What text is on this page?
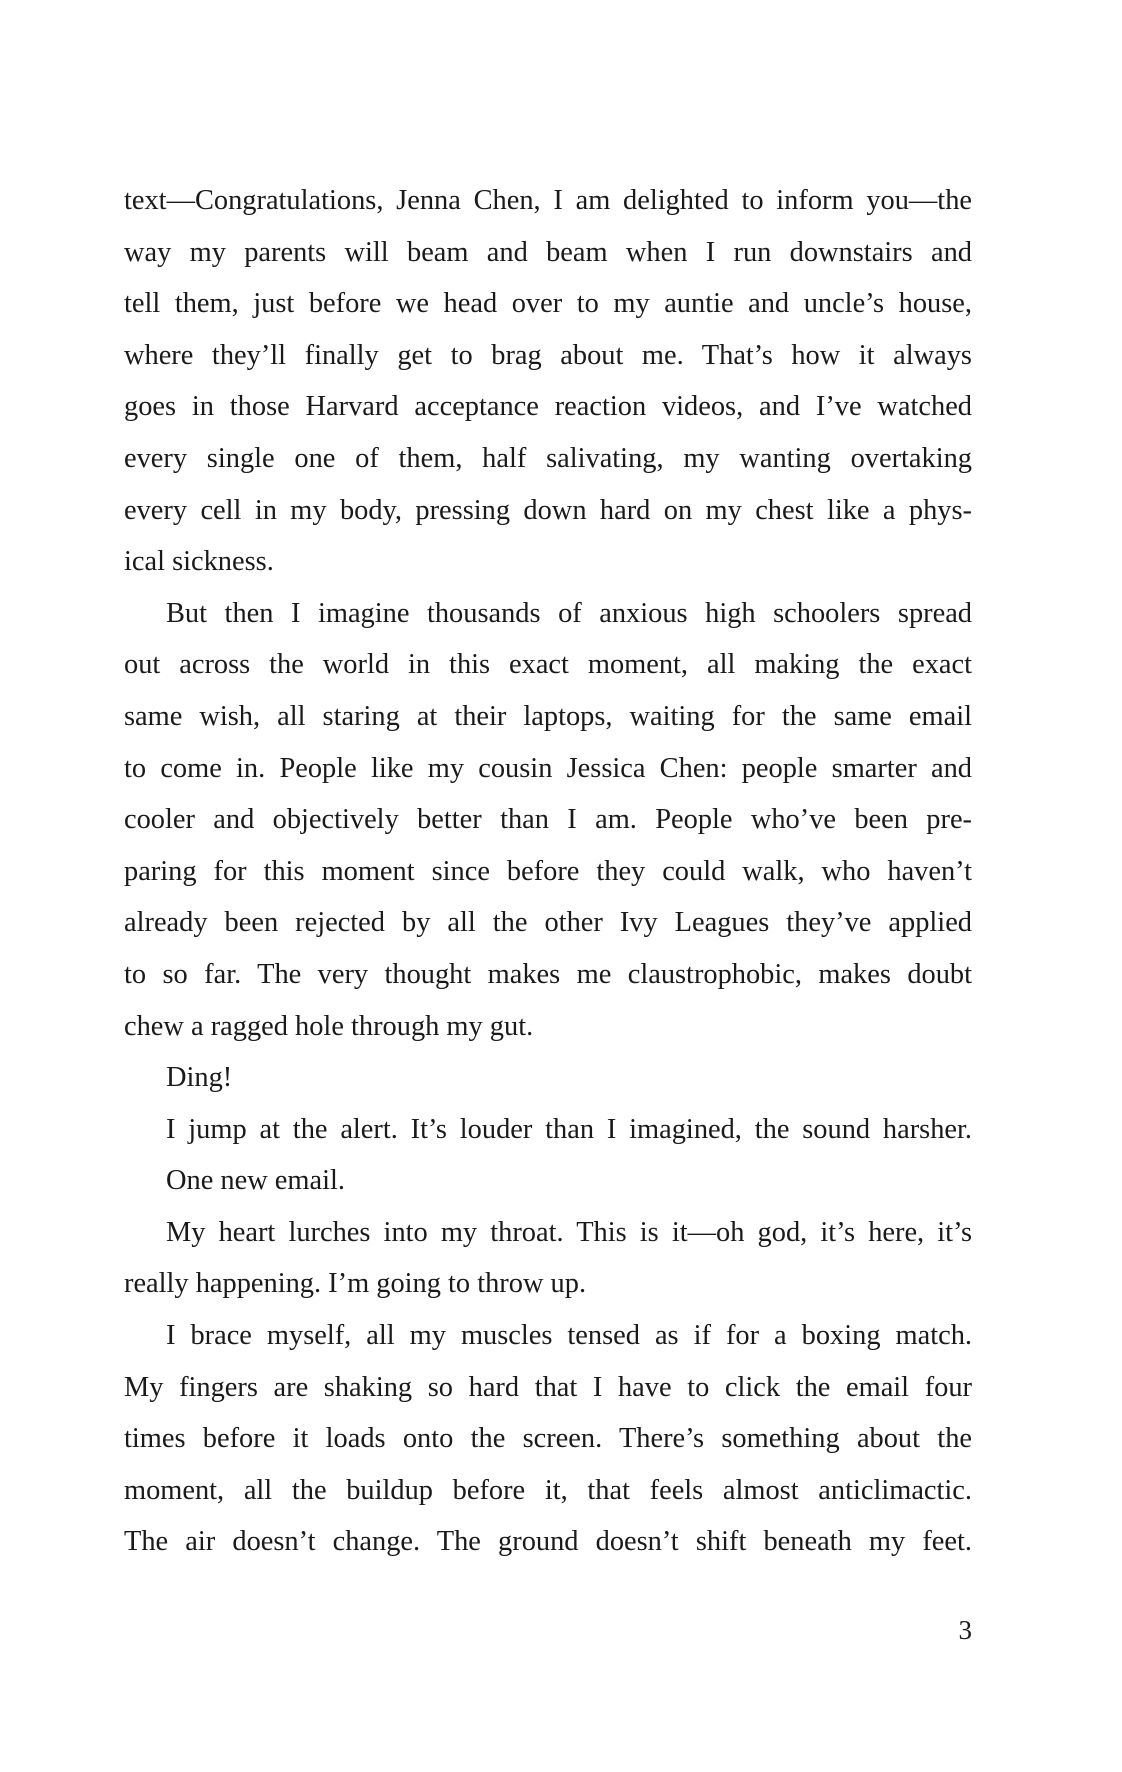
text—Congratulations, Jenna Chen, I am delighted to inform you—the
way my parents will beam and beam when I run downstairs and
tell them, just before we head over to my auntie and uncle’s house,
where they’ll finally get to brag about me. That’s how it always
goes in those Harvard acceptance reaction videos, and I’ve watched
every single one of them, half salivating, my wanting overtaking
every cell in my body, pressing down hard on my chest like a phys-
ical sickness.
But then I imagine thousands of anxious high schoolers spread
out across the world in this exact moment, all making the exact
same wish, all staring at their laptops, waiting for the same email
to come in. People like my cousin Jessica Chen: people smarter and
cooler and objectively better than I am. People who’ve been pre-
paring for this moment since before they could walk, who haven’t
already been rejected by all the other Ivy Leagues they’ve applied
to so far. The very thought makes me claustrophobic, makes doubt
chew a ragged hole through my gut.
Ding!
I jump at the alert. It’s louder than I imagined, the sound harsher.
One new email.
My heart lurches into my throat. This is it—oh god, it’s here, it’s
really happening. I’m going to throw up.
I brace myself, all my muscles tensed as if for a boxing match.
My fingers are shaking so hard that I have to click the email four
times before it loads onto the screen. There’s something about the
moment, all the buildup before it, that feels almost anticlimactic.
The air doesn’t change. The ground doesn’t shift beneath my feet.
3
